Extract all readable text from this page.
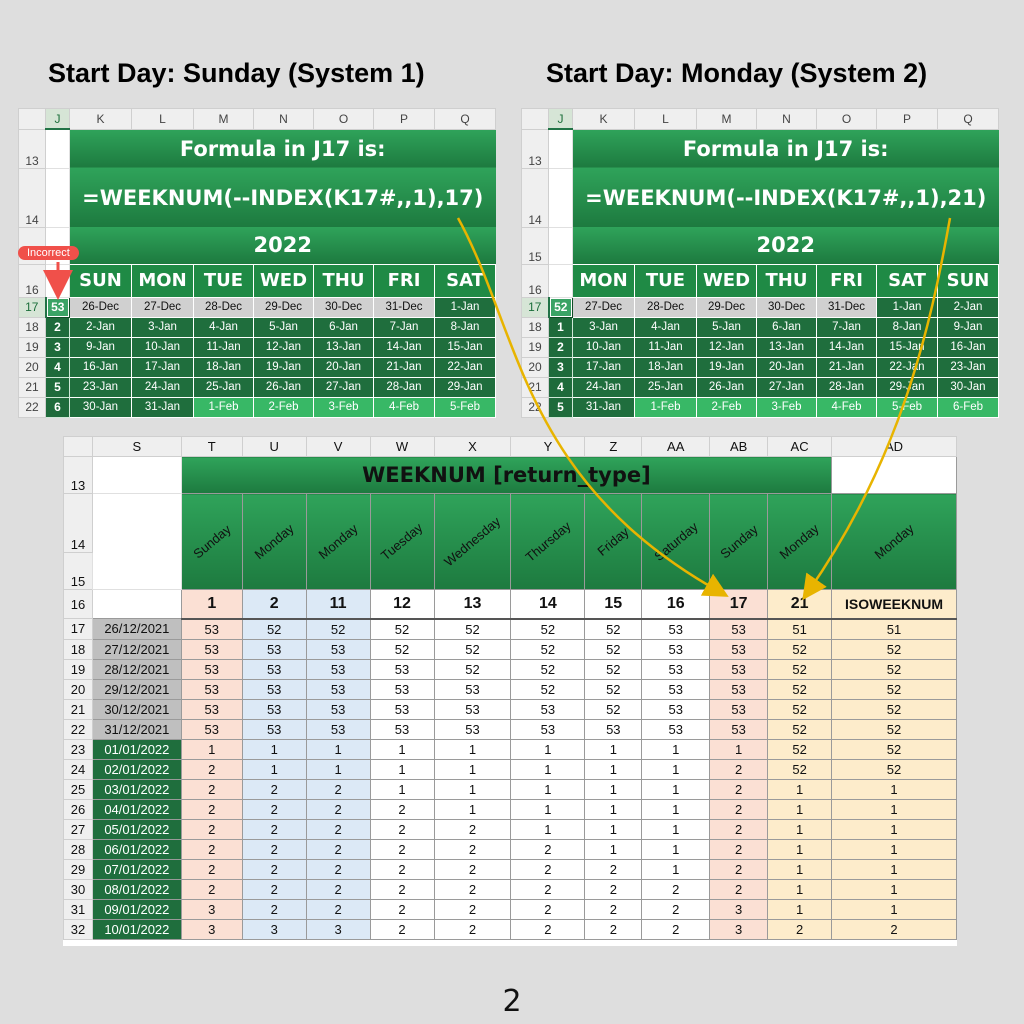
Start Day: Sunday (System 1)	Start Day: Monday (System 2)
	J	K	L	M	N	O	P	Q
13		Formula in J17 is:						
14		=WEEKNUM(--INDEX(K17#,,1),17)						
		2022						
16		SUN	MON	TUE	WED	THU	FRI	SAT
17	53	26-Dec	27-Dec	28-Dec	29-Dec	30-Dec	31-Dec	1-Jan
18	2	2-Jan	3-Jan	4-Jan	5-Jan	6-Jan	7-Jan	8-Jan
19	3	9-Jan	10-Jan	11-Jan	12-Jan	13-Jan	14-Jan	15-Jan
20	4	16-Jan	17-Jan	18-Jan	19-Jan	20-Jan	21-Jan	22-Jan
21	5	23-Jan	24-Jan	25-Jan	26-Jan	27-Jan	28-Jan	29-Jan
22	6	30-Jan	31-Jan	1-Feb	2-Feb	3-Feb	4-Feb	5-Feb
	J	K	L	M	N	O	P	Q
13		Formula in J17 is:						
14		=WEEKNUM(--INDEX(K17#,,1),21)						
15		2022						
16		MON	TUE	WED	THU	FRI	SAT	SUN
17	52	27-Dec	28-Dec	29-Dec	30-Dec	31-Dec	1-Jan	2-Jan
18	1	3-Jan	4-Jan	5-Jan	6-Jan	7-Jan	8-Jan	9-Jan
19	2	10-Jan	11-Jan	12-Jan	13-Jan	14-Jan	15-Jan	16-Jan
20	3	17-Jan	18-Jan	19-Jan	20-Jan	21-Jan	22-Jan	23-Jan
21	4	24-Jan	25-Jan	26-Jan	27-Jan	28-Jan	29-Jan	30-Jan
22	5	31-Jan	1-Feb	2-Feb	3-Feb	4-Feb	5-Feb	6-Feb
Incorrect
	S	T	U	V	W	X	Y	Z	AA	AB	AC	AD
13		WEEKNUM [return_type]										
14		Sunday	Monday	Monday	Tuesday	Wednesday	Thursday	Friday	Saturday	Sunday	Monday	Monday
15												
16		1	2	11	12	13	14	15	16	17	21	ISOWEEKNUM
17	26/12/2021	53	52	52	52	52	52	52	53	53	51	51
18	27/12/2021	53	53	53	52	52	52	52	53	53	52	52
19	28/12/2021	53	53	53	53	52	52	52	53	53	52	52
20	29/12/2021	53	53	53	53	53	52	52	53	53	52	52
21	30/12/2021	53	53	53	53	53	53	52	53	53	52	52
22	31/12/2021	53	53	53	53	53	53	53	53	53	52	52
23	01/01/2022	1	1	1	1	1	1	1	1	1	52	52
24	02/01/2022	2	1	1	1	1	1	1	1	2	52	52
25	03/01/2022	2	2	2	1	1	1	1	1	2	1	1
26	04/01/2022	2	2	2	2	1	1	1	1	2	1	1
27	05/01/2022	2	2	2	2	2	1	1	1	2	1	1
28	06/01/2022	2	2	2	2	2	2	1	1	2	1	1
29	07/01/2022	2	2	2	2	2	2	2	1	2	1	1
30	08/01/2022	2	2	2	2	2	2	2	2	2	1	1
31	09/01/2022	3	2	2	2	2	2	2	2	3	1	1
32	10/01/2022	3	3	3	2	2	2	2	2	3	2	2
2
